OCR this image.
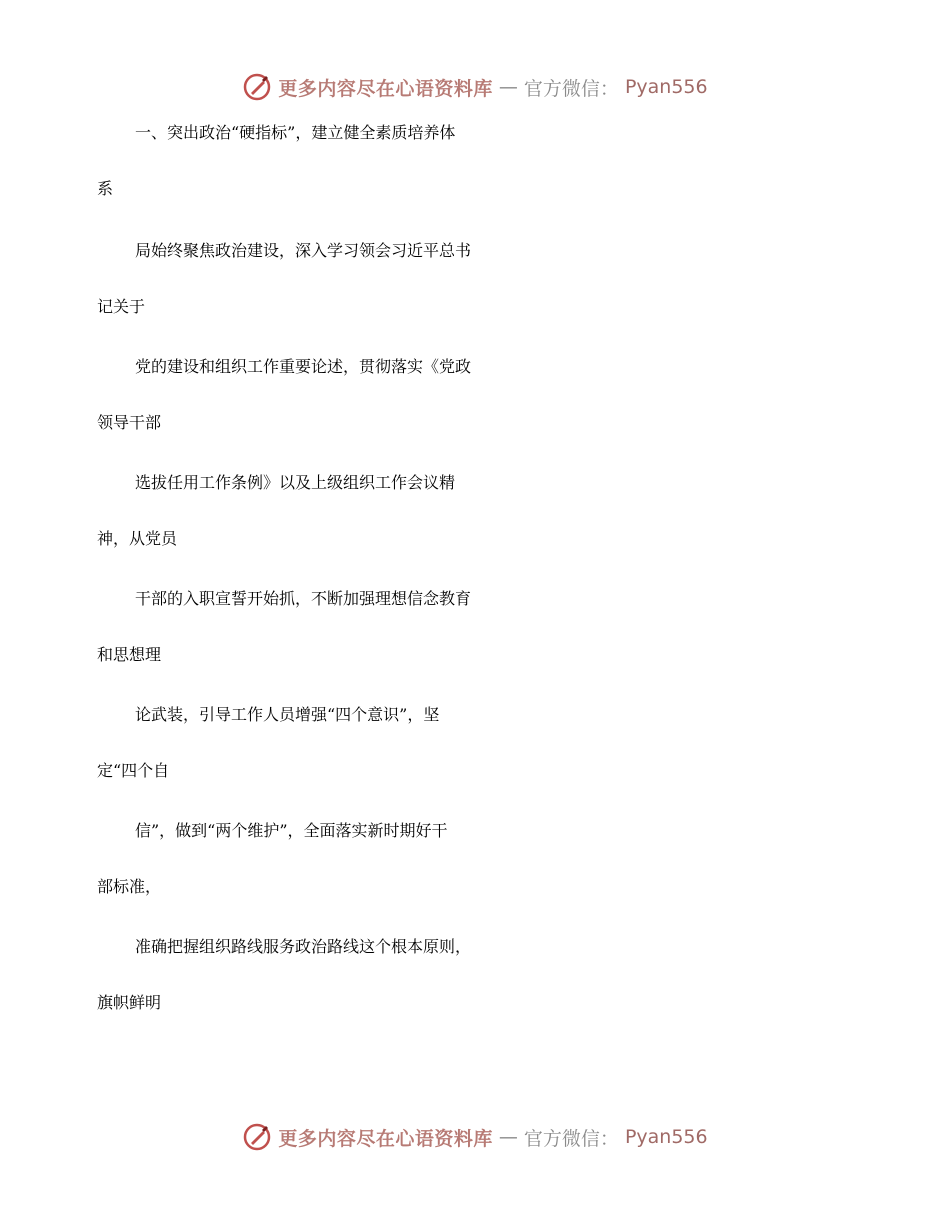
更多内容尽在心语资料库 — 官方微信： Pyan556
一、突出政治“硬指标”，建立健全素质培养体
系
局始终聚焦政治建设，深入学习领会习近平总书
记关于
党的建设和组织工作重要论述，贯彻落实《党政
领导干部
选拔任用工作条例》以及上级组织工作会议精
神，从党员
干部的入职宣誓开始抓，不断加强理想信念教育
和思想理
论武装，引导工作人员增强“四个意识”，坚
定“四个自
信”，做到“两个维护”，全面落实新时期好干
部标准，
准确把握组织路线服务政治路线这个根本原则，
旗帜鲜明
更多内容尽在心语资料库 — 官方微信： Pyan556
